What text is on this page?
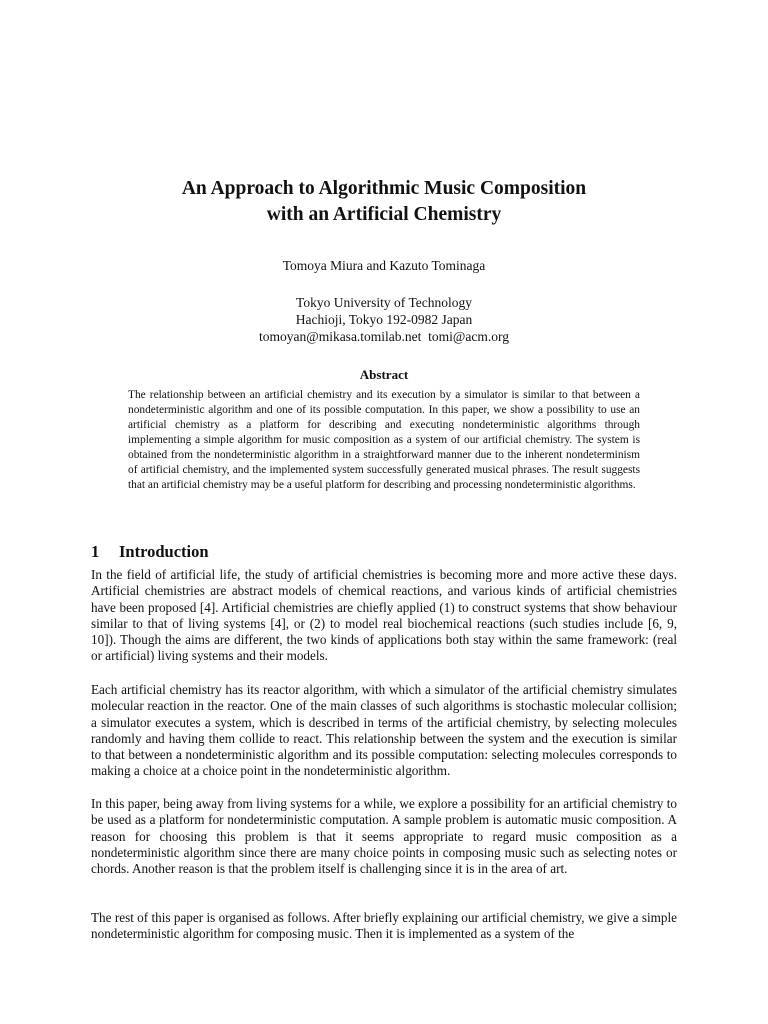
An Approach to Algorithmic Music Composition
with an Artificial Chemistry
Tomoya Miura and Kazuto Tominaga
Tokyo University of Technology
Hachioji, Tokyo 192-0982 Japan
tomoyan@mikasa.tomilab.net  tomi@acm.org
Abstract

The relationship between an artificial chemistry and its execution by a simulator is similar to that between a nondeterministic algorithm and one of its possible computation. In this paper, we show a possibility to use an artificial chemistry as a platform for describing and executing nondeterministic algorithms through implementing a simple algorithm for music composition as a system of our artificial chemistry. The system is obtained from the nondeterministic algorithm in a straightforward manner due to the inherent nondeterminism of artificial chemistry, and the implemented system successfully generated musical phrases. The result suggests that an artificial chemistry may be a useful platform for describing and processing nondeterministic algorithms.

1 Introduction

In the field of artificial life, the study of artificial chemistries is becoming more and more active these days. Artificial chemistries are abstract models of chemical reactions, and various kinds of artificial chemistries have been proposed [4]. Artificial chemistries are chiefly applied (1) to construct systems that show behaviour similar to that of living systems [4], or (2) to model real biochemical reactions (such studies include [6, 9, 10]). Though the aims are different, the two kinds of applications both stay within the same framework: (real or artificial) living systems and their models.

Each artificial chemistry has its reactor algorithm, with which a simulator of the artificial chemistry simulates molecular reaction in the reactor. One of the main classes of such algorithms is stochastic molecular collision; a simulator executes a system, which is described in terms of the artificial chemistry, by selecting molecules randomly and having them collide to react. This relationship between the system and the execution is similar to that between a nondeterministic algorithm and its possible computation: selecting molecules corresponds to making a choice at a choice point in the nondeterministic algorithm.

In this paper, being away from living systems for a while, we explore a possibility for an artificial chemistry to be used as a platform for nondeterministic computation. A sample problem is automatic music composition. A reason for choosing this problem is that it seems appropriate to regard music composition as a nondeterministic algorithm since there are many choice points in composing music such as selecting notes or chords. Another reason is that the problem itself is challenging since it is in the area of art.

The rest of this paper is organised as follows. After briefly explaining our artificial chemistry, we give a simple nondeterministic algorithm for composing music. Then it is implemented as a system of the
